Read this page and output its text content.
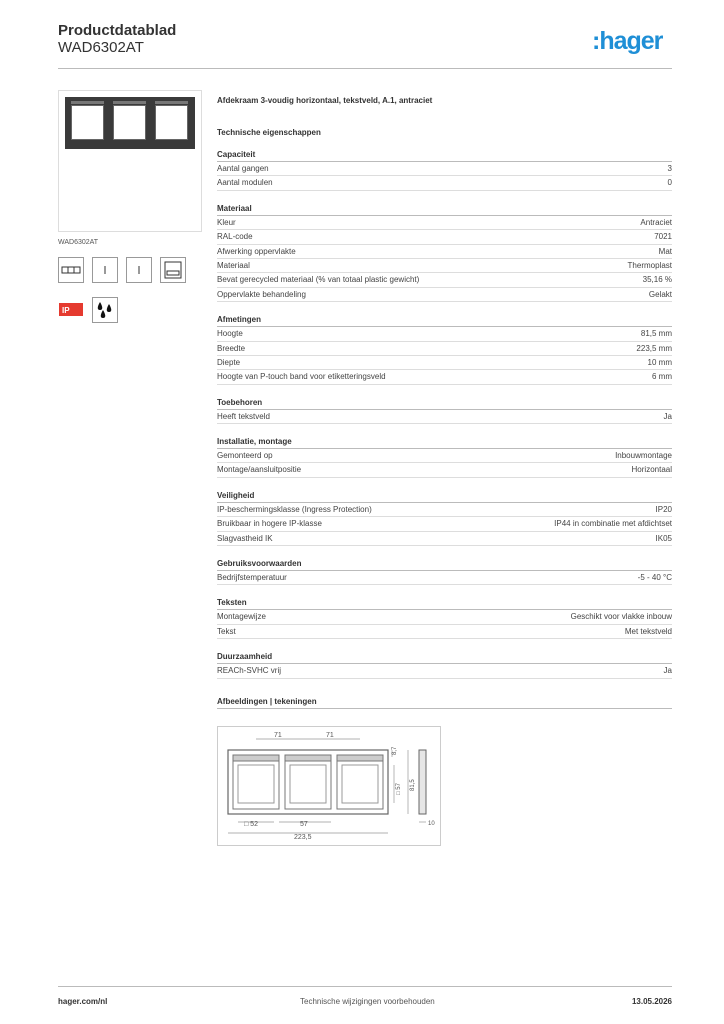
Productdatablad
WAD6302AT	:hager
WAD6302AT
IP
Afdekraam 3-voudig horizontaal, tekstveld, A.1, antraciet
Technische eigenschappen
Capaciteit
Aantal gangen	3
Aantal modulen	0
Materiaal
Kleur	Antraciet
RAL-code	7021
Afwerking oppervlakte	Mat
Materiaal	Thermoplast
Bevat gerecycled materiaal (% van totaal plastic gewicht)	35,16 %
Oppervlakte behandeling	Gelakt
Afmetingen
Hoogte	81,5 mm
Breedte	223,5 mm
Diepte	10 mm
Hoogte van P-touch band voor etiketteringsveld	6 mm
Toebehoren
Heeft tekstveld	Ja
Installatie, montage
Gemonteerd op	Inbouwmontage
Montage/aansluitpositie	Horizontaal
Veiligheid
IP-beschermingsklasse (Ingress Protection)	IP20
Bruikbaar in hogere IP-klasse	IP44 in combinatie met afdichtset
Slagvastheid IK	IK05
Gebruiksvoorwaarden
Bedrijfstemperatuur	-5 - 40 °C
Teksten
Montagewijze	Geschikt voor vlakke inbouw
Tekst	Met tekstveld
Duurzaamheid
REACh-SVHC vrij	Ja
Afbeeldingen | tekeningen
71	71
8,7
□ 57 81,5
□ 52	57
223,5
10
hager.com/nl	Technische wijzigingen voorbehouden	13.05.2026
